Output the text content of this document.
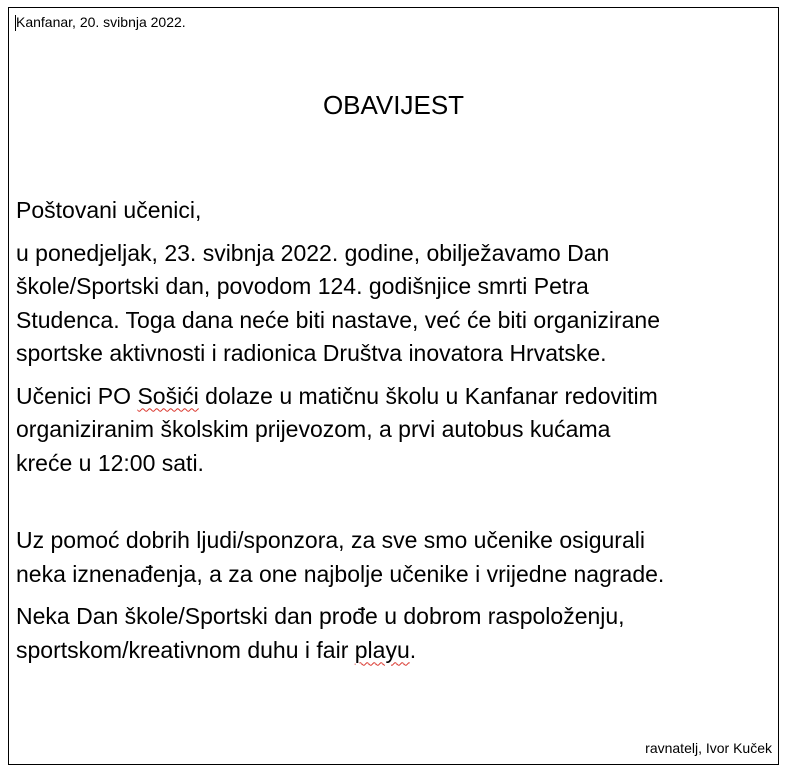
Kanfanar, 20. svibnja 2022.
OBAVIJEST

Poštovani učenici,

u ponedjeljak, 23. svibnja 2022. godine, obilježavamo Dan

škole/Sportski dan, povodom 124. godišnjice smrti Petra

Studenca. Toga dana neće biti nastave, već će biti organizirane

sportske aktivnosti i radionica Društva inovatora Hrvatske.

Učenici PO Sošići dolaze u matičnu školu u Kanfanar redovitim

organiziranim školskim prijevozom, a prvi autobus kućama

kreće u 12:00 sati.

Uz pomoć dobrih ljudi/sponzora, za sve smo učenike osigurali

neka iznenađenja, a za one najbolje učenike i vrijedne nagrade.

Neka Dan škole/Sportski dan prođe u dobrom raspoloženju,

sportskom/kreativnom duhu i fair playu.

ravnatelj, Ivor Kuček
